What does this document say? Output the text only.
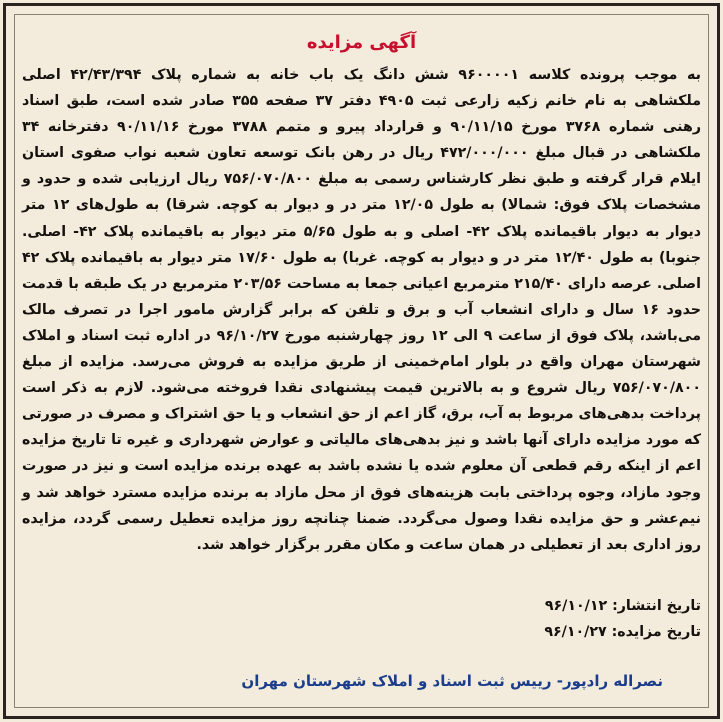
آگهی مزایده

به موجب پرونده کلاسه ۹۶۰۰۰۰۱ شش دانگ یک باب خانه به شماره پلاک ۴۲/۴۳/۳۹۴ اصلی ملکشاهی به نام خانم زکیه زارعی ثبت ۴۹۰۵ دفتر ۳۷ صفحه ۳۵۵ صادر شده است، طبق اسناد رهنی شماره ۳۷۶۸ مورخ ۹۰/۱۱/۱۵ و قرارداد پیرو و متمم ۳۷۸۸ مورخ ۹۰/۱۱/۱۶ دفترخانه ۳۴ ملکشاهی در قبال مبلغ ۴۷۲/۰۰۰/۰۰۰ ریال در رهن بانک توسعه تعاون شعبه نواب صفوی استان ایلام قرار گرفته و طبق نظر کارشناس رسمی به مبلغ ۷۵۶/۰۷۰/۸۰۰ ریال ارزیابی شده و حدود و مشخصات پلاک فوق: شمالا) به طول ۱۲/۰۵ متر در و دیوار به کوچه. شرقا) به طول‌های ۱۲ متر دیوار به دیوار باقیمانده پلاک ۴۲- اصلی و به طول ۵/۶۵ متر دیوار به باقیمانده پلاک ۴۲- اصلی. جنوبا) به طول ۱۲/۴۰ متر در و دیوار به کوچه. غربا) به طول ۱۷/۶۰ متر دیوار به باقیمانده پلاک ۴۲ اصلی. عرصه دارای ۲۱۵/۴۰ مترمربع اعیانی جمعا به مساحت ۲۰۳/۵۶ مترمربع در یک طبقه با قدمت حدود ۱۶ سال و دارای انشعاب آب و برق و تلفن که برابر گزارش مامور اجرا در تصرف مالک می‌باشد، پلاک فوق از ساعت ۹ الی ۱۲ روز چهارشنبه مورخ ۹۶/۱۰/۲۷ در اداره ثبت اسناد و املاک شهرستان مهران واقع در بلوار امام‌خمینی از طریق مزایده به فروش می‌رسد. مزایده از مبلغ ۷۵۶/۰۷۰/۸۰۰ ریال شروع و به بالاترین قیمت پیشنهادی نقدا فروخته می‌شود. لازم به ذکر است پرداخت بدهی‌های مربوط به آب، برق، گاز اعم از حق انشعاب و یا حق اشتراک و مصرف در صورتی که مورد مزایده دارای آنها باشد و نیز بدهی‌های مالیاتی و عوارض شهرداری و غیره تا تاریخ مزایده اعم از اینکه رقم قطعی آن معلوم شده یا نشده باشد به عهده برنده مزایده است و نیز در صورت وجود مازاد، وجوه پرداختی بابت هزینه‌های فوق از محل مازاد به برنده مزایده مسترد خواهد شد و نیم‌عشر و حق مزایده نقدا وصول می‌گردد. ضمنا چنانچه روز مزایده تعطیل رسمی گردد، مزایده روز اداری بعد از تعطیلی در همان ساعت و مکان مقرر برگزار خواهد شد.

تاریخ انتشار: ۹۶/۱۰/۱۲
تاریخ مزایده: ۹۶/۱۰/۲۷
نصراله رادپور- رییس ثبت اسناد و املاک شهرستان مهران
